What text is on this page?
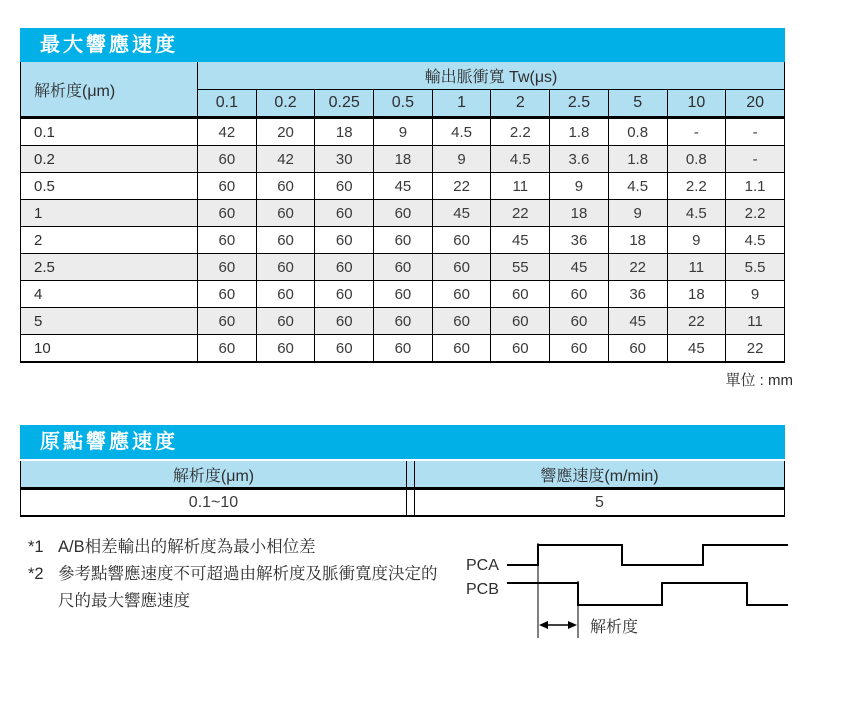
最大響應速度
解析度(μm)	輸出脈衝寬 Tw(μs)									
	0.1	0.2	0.25	0.5	1	2	2.5	5	10	20
0.1	42	20	18	9	4.5	2.2	1.8	0.8	-	-
0.2	60	42	30	18	9	4.5	3.6	1.8	0.8	-
0.5	60	60	60	45	22	11	9	4.5	2.2	1.1
1	60	60	60	60	45	22	18	9	4.5	2.2
2	60	60	60	60	60	45	36	18	9	4.5
2.5	60	60	60	60	60	55	45	22	11	5.5
4	60	60	60	60	60	60	60	36	18	9
5	60	60	60	60	60	60	60	45	22	11
10	60	60	60	60	60	60	60	60	45	22
單位 : mm
原點響應速度
解析度(μm)		響應速度(m/min)
0.1~10		5
*1 A/B相差輸出的解析度為最小相位差
*2 參考點響應速度不可超過由解析度及脈衝寬度決定的
尺的最大響應速度
PCA
PCB
解析度
